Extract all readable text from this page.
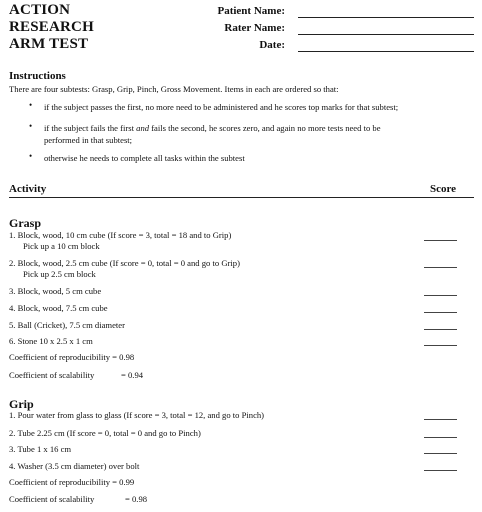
ACTION
RESEARCH
ARM TEST
Patient Name:
Rater Name:
Date:
Instructions
There are four subtests: Grasp, Grip, Pinch, Gross Movement. Items in each are ordered so that:
• if the subject passes the first, no more need to be administered and he scores top marks for that subtest;
• if the subject fails the first and fails the second, he scores zero, and again no more tests need to be
performed in that subtest;
• otherwise he needs to complete all tasks within the subtest
Activity	Score
Grasp
1. Block, wood, 10 cm cube (If score = 3, total = 18 and to Grip)
Pick up a 10 cm block
2. Block, wood, 2.5 cm cube (If score = 0, total = 0 and go to Grip)
Pick up 2.5 cm block
3. Block, wood, 5 cm cube
4. Block, wood, 7.5 cm cube
5. Ball (Cricket), 7.5 cm diameter
6. Stone 10 x 2.5 x 1 cm
Coefficient of reproducibility = 0.98
Coefficient of scalability	= 0.94
Grip
1. Pour water from glass to glass (If score = 3, total = 12, and go to Pinch)
2. Tube 2.25 cm (If score = 0, total = 0 and go to Pinch)
3. Tube 1 x 16 cm
4. Washer (3.5 cm diameter) over bolt
Coefficient of reproducibility = 0.99
Coefficient of scalability	= 0.98
